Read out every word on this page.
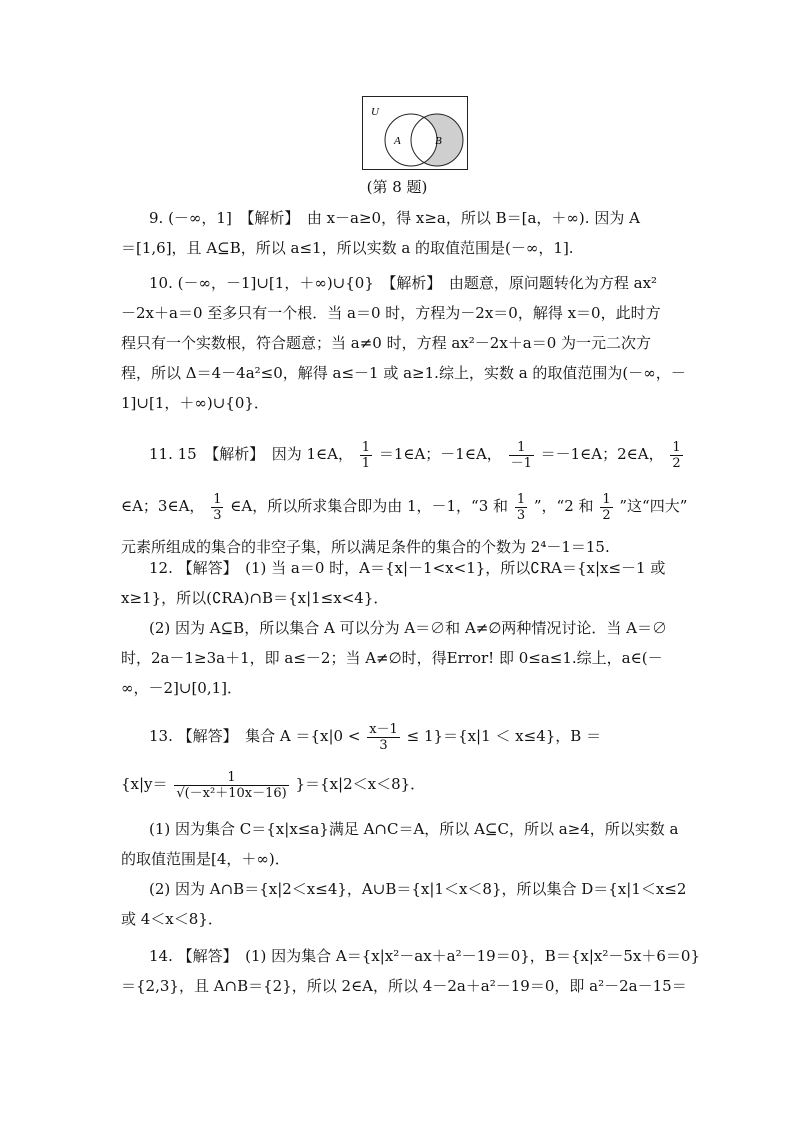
U
A	B
(第 8 题)
9. (－∞，1]　【解析】　由 x－a≥0，得 x≥a，所以 B＝[a，＋∞). 因为 A
＝[1,6]，且 A⊆B，所以 a≤1，所以实数 a 的取值范围是(－∞，1].
10. (－∞，－1]∪[1，＋∞)∪{0}　【解析】　由题意，原问题转化为方程 ax²
－2x＋a＝0 至多只有一个根．当 a＝0 时，方程为－2x＝0，解得 x＝0，此时方
程只有一个实数根，符合题意；当 a≠0 时，方程 ax²－2x＋a＝0 为一元二次方
程，所以 Δ＝4－4a²≤0，解得 a≤－1 或 a≥1.综上，实数 a 的取值范围为(－∞，－
1]∪[1，＋∞)∪{0}．
11. 15　【解析】　因为 1∈A， $\frac{1}{1}$ ＝1∈A；－1∈A， $\frac{1}{-1}$ ＝－1∈A；2∈A， $\frac{1}{2}$
∈A；3∈A， $\frac{1}{3}$ ∈A，所以所求集合即为由 1，－1，“3 和 $\frac{1}{3}$ ”，“2 和 $\frac{1}{2}$ ”这“四大”
元素所组成的集合的非空子集，所以满足条件的集合的个数为 2⁴－1＝15.
12. 【解答】　(1) 当 a＝0 时，A＝{x|－1<x<1}，所以∁RA＝{x|x≤－1 或
x≥1}，所以(∁RA)∩B＝{x|1≤x<4}．
(2) 因为 A⊆B，所以集合 A 可以分为 A＝∅和 A≠∅两种情况讨论．当 A＝∅
时，2a－1≥3a＋1，即 a≤－2；当 A≠∅时，得Error! 即 0≤a≤1.综上，a∈(－
∞，－2]∪[0,1]．
13. 【解答】　集合 $A =\{x|0 < \frac{x-1}{3} \le 1\}=\{x|1 < x\le 4\}$，B ＝
$\{x|y= \frac{1}{\text{√(－x²＋10x－16)}} \}=\{x|2<x<8\}$．
(1) 因为集合 C＝{x|x≤a}满足 A∩C＝A，所以 A⊆C，所以 a≥4，所以实数 a
的取值范围是[4，＋∞)．
(2) 因为 A∩B＝{x|2＜x≤4}，A∪B＝{x|1＜x＜8}，所以集合 D＝{x|1＜x≤2
或 4＜x＜8}．
14. 【解答】　(1) 因为集合 A＝{x|x²－ax＋a²－19＝0}，B＝{x|x²－5x＋6＝0}
＝{2,3}，且 A∩B＝{2}，所以 2∈A，所以 4－2a＋a²－19＝0，即 a²－2a－15＝
